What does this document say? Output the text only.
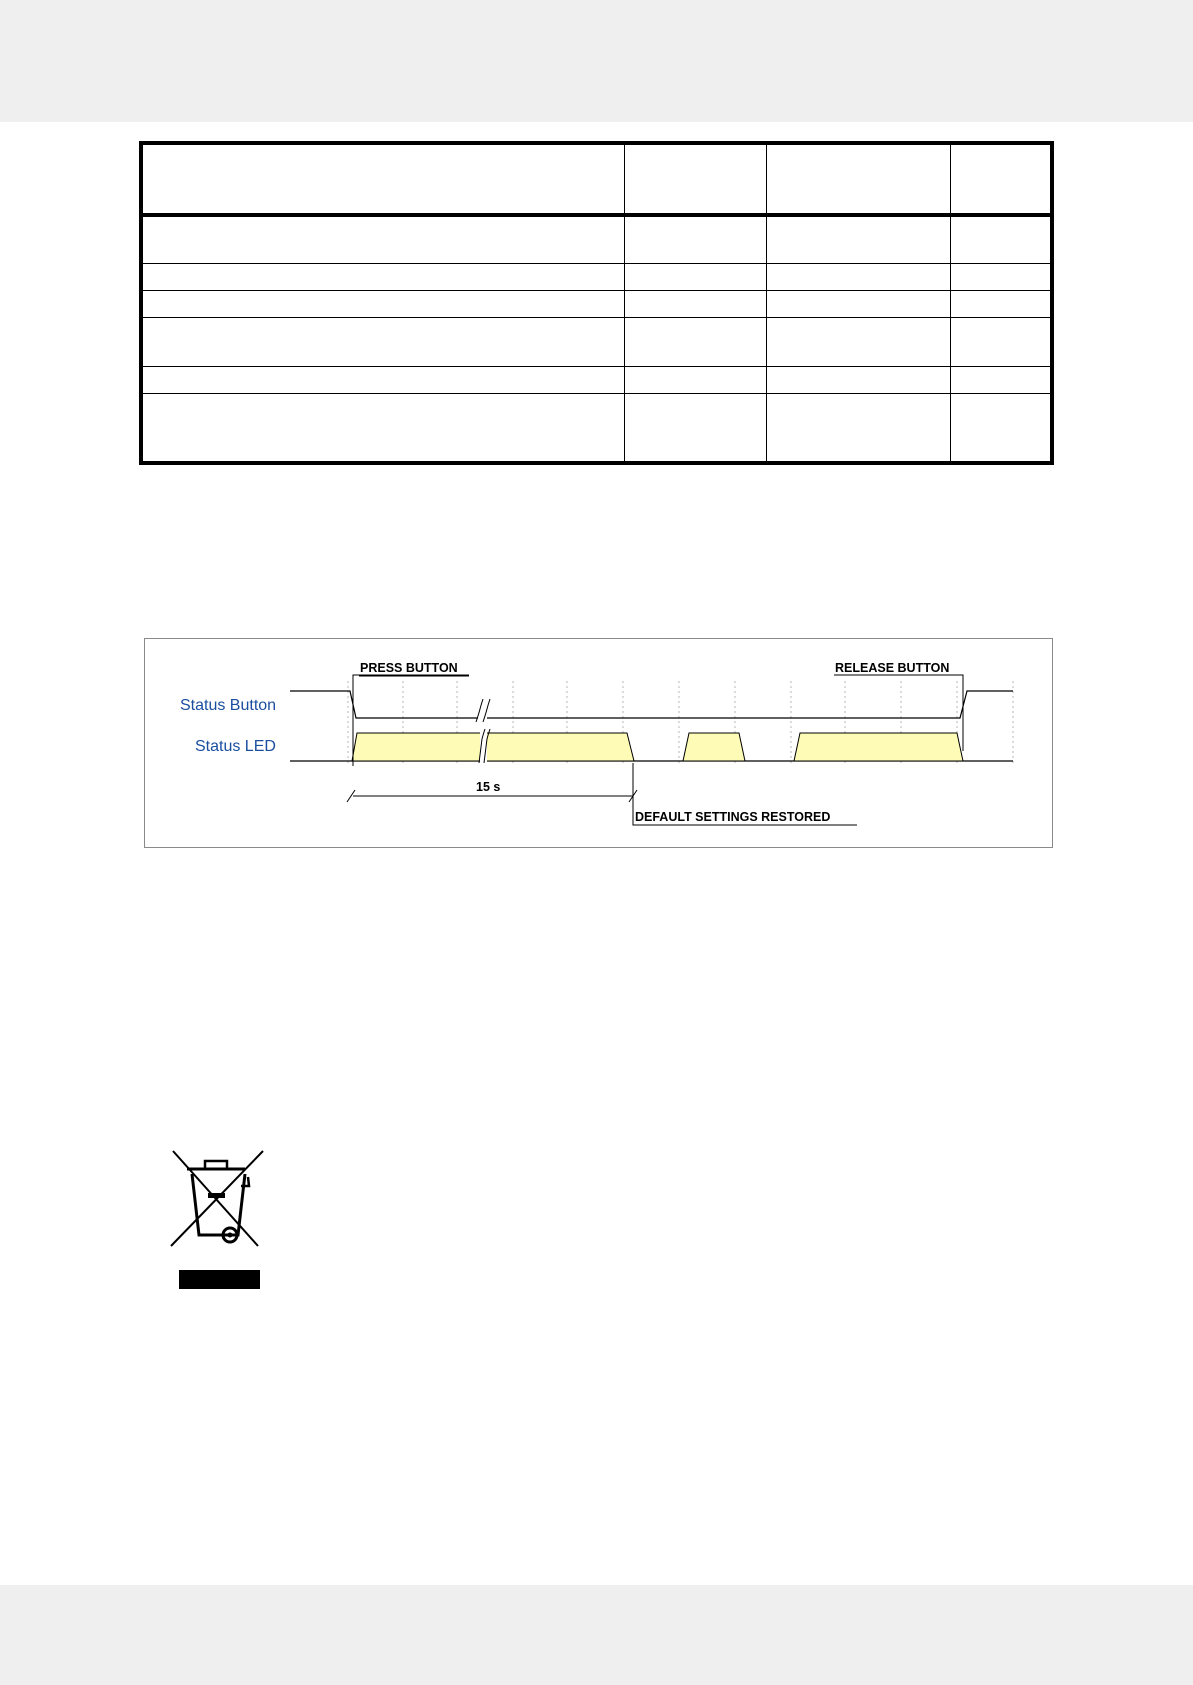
PRESS BUTTON	RELEASE BUTTON
15 s
DEFAULT SETTINGS RESTORED
Status Button
Status LED
